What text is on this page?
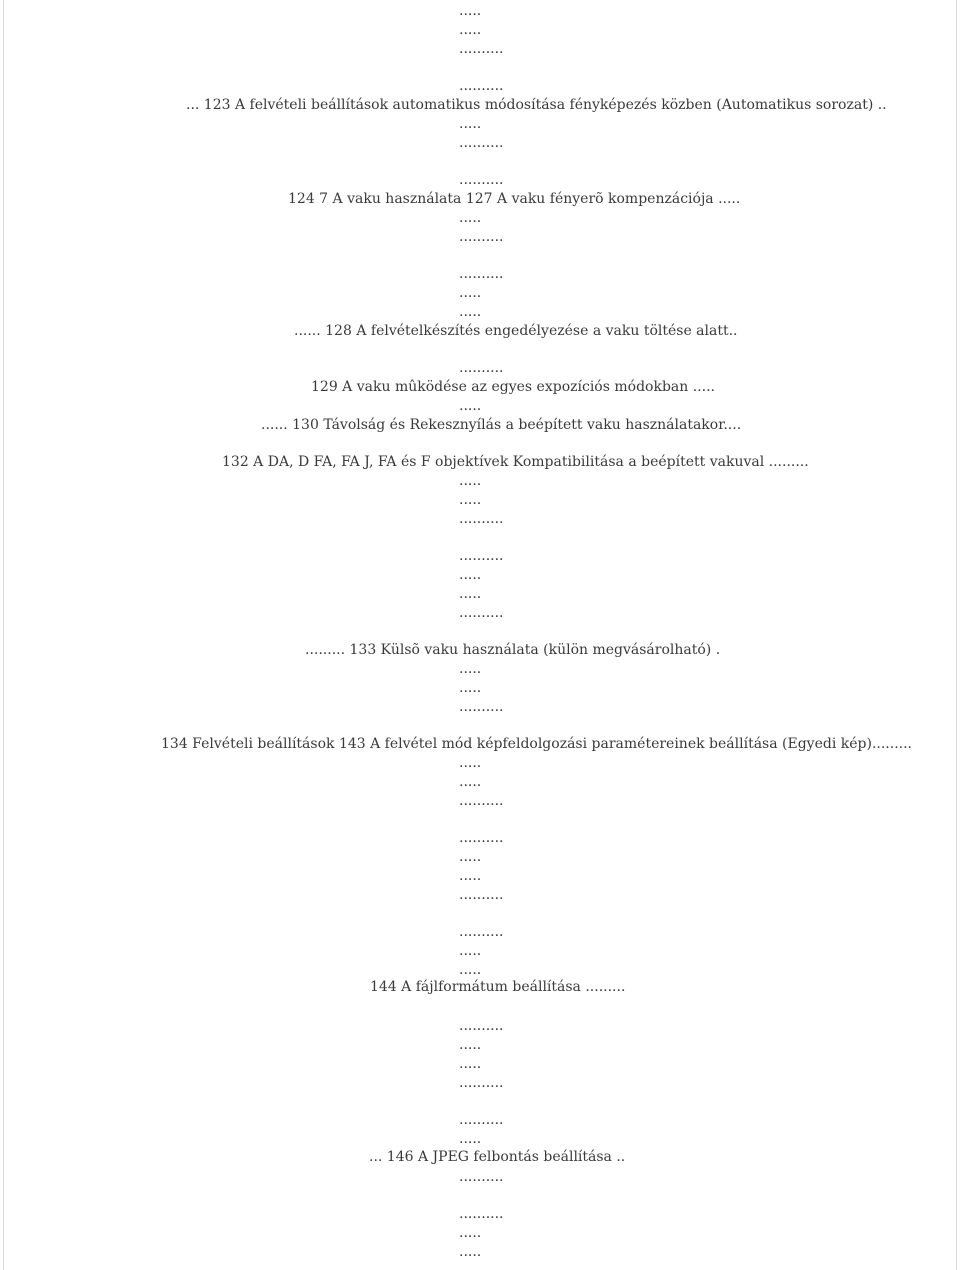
.....
.....
..........
..........
... 123 A felvételi beállítások automatikus módosítása fényképezés közben (Automatikus sorozat) ..
.....
..........
..........
124 7 A vaku használata 127 A vaku fényerõ kompenzációja .....
.....
..........
..........
.....
.....
...... 128 A felvételkészítés engedélyezése a vaku töltése alatt..
..........
129 A vaku mûködése az egyes expozíciós módokban .....
.....
...... 130 Távolság és Rekesznyílás a beépített vaku használatakor....
132 A DA, D FA, FA J, FA és F objektívek Kompatibilitása a beépített vakuval .........
.....
.....
..........
..........
.....
.....
..........
......... 133 Külsõ vaku használata (külön megvásárolható) .
.....
.....
..........
134 Felvételi beállítások 143 A felvétel mód képfeldolgozási paramétereinek beállítása (Egyedi kép).........
.....
.....
..........
..........
.....
.....
..........
..........
.....
.....
144 A fájlformátum beállítása .........
..........
.....
.....
..........
..........
.....
... 146 A JPEG felbontás beállítása ..
..........
..........
.....
.....
